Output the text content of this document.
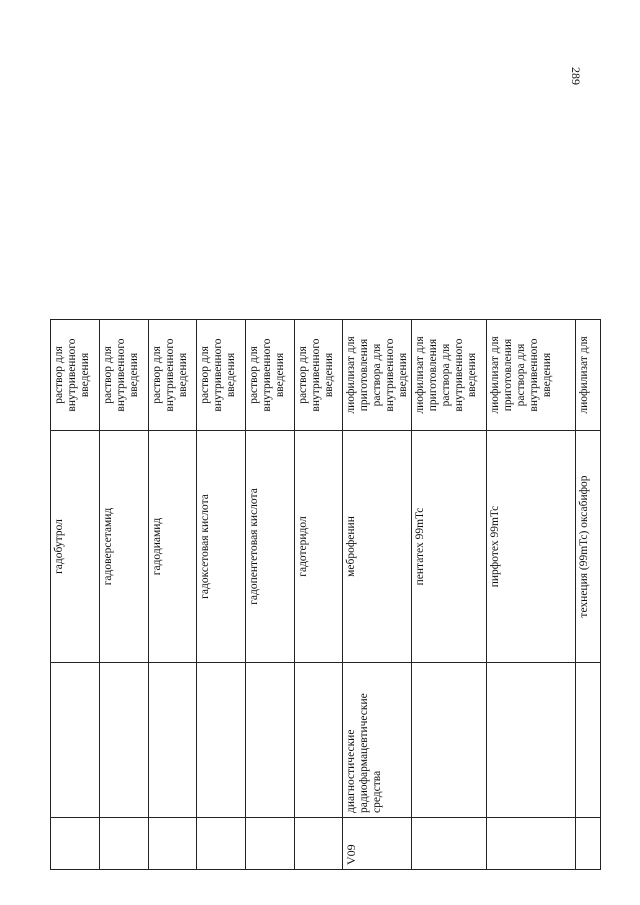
289
		гадобутрол	раствор для внутривенного введения
		гадоверсетамид	раствор для внутривенного введения
		гадодиамид	раствор для внутривенного введения
		гадоксетовая кислота	раствор для внутривенного введения
		гадопентетовая кислота	раствор для внутривенного введения
		гадотеридол	раствор для внутривенного введения
V09	диагностические радиофармацевтические средства	меброфенин	лиофилизат для приготовления раствора для внутривенного введения
		пентатех 99mTc	лиофилизат для приготовления раствора для внутривенного введения
		пирфотех 99mTc	лиофилизат для приготовления раствора для внутривенного введения
		технеция (99mTc) оксабифор	лиофилизат для
